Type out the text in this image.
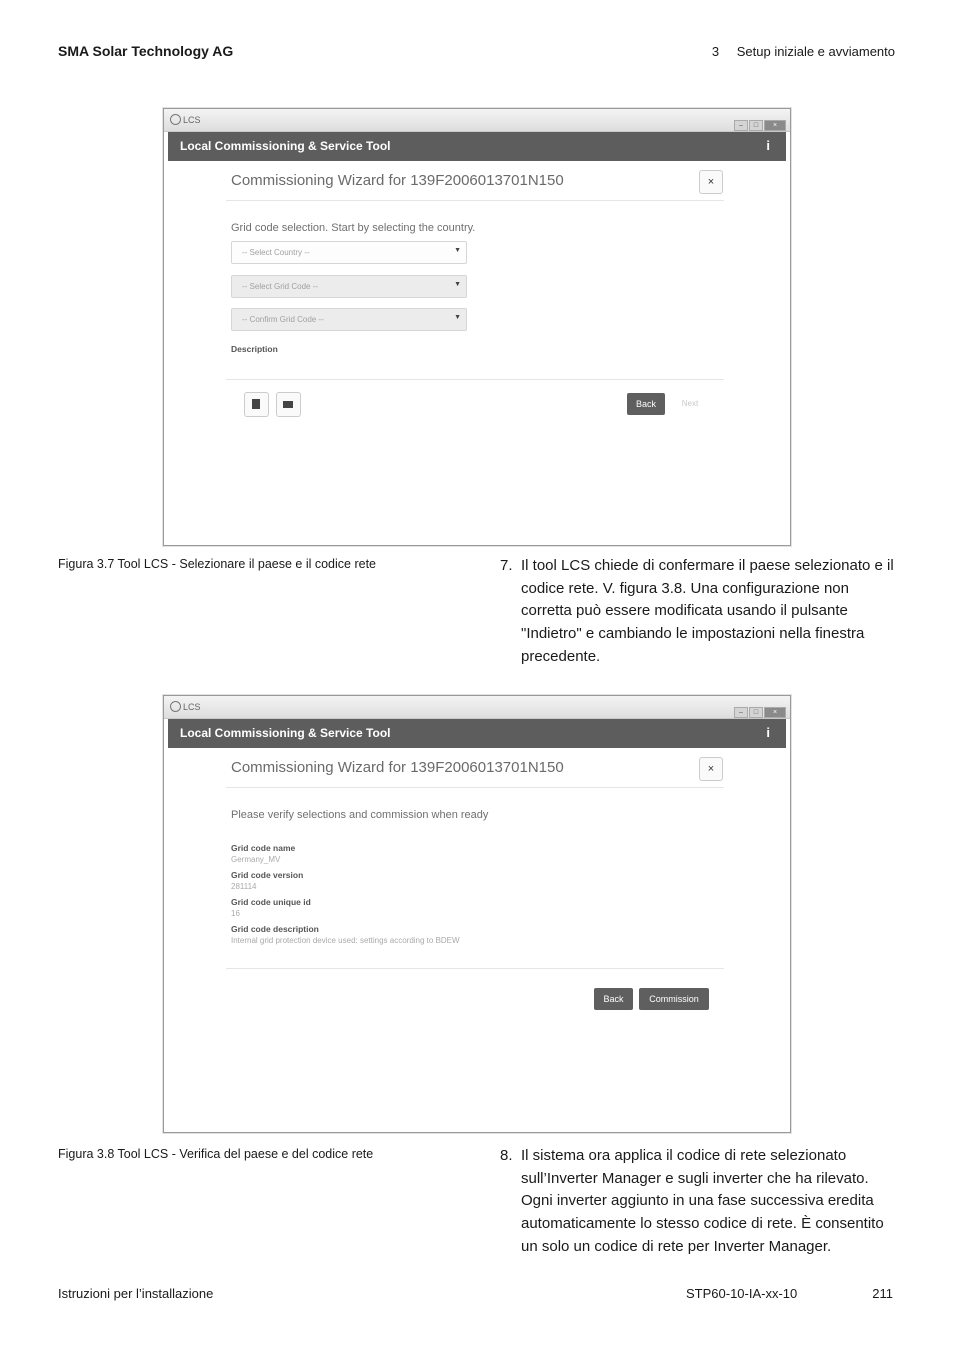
SMA Solar Technology AG	3 Setup iniziale e avviamento
LCS
– □ ×
Local Commissioning & Service Tool	i
Commissioning Wizard for 139F2006013701N150	×
Grid code selection. Start by selecting the country.
-- Select Country --	▼
-- Select Grid Code --	▼
-- Confirm Grid Code --	▼
Description
Back	Next
Figura 3.7 Tool LCS - Selezionare il paese e il codice rete	7. Il tool LCS chiede di confermare il paese selezionato e il codice rete. V. figura 3.8. Una configurazione non corretta può essere modificata usando il pulsante "Indietro" e cambiando le impostazioni nella finestra precedente.
LCS
– □ ×
Local Commissioning & Service Tool	i
Commissioning Wizard for 139F2006013701N150	×
Please verify selections and commission when ready
Grid code name
Germany_MV
Grid code version
281114
Grid code unique id
16
Grid code description
Internal grid protection device used: settings according to BDEW
Back	Commission
Figura 3.8 Tool LCS - Verifica del paese e del codice rete	8. Il sistema ora applica il codice di rete selezionato sull’Inverter Manager e sugli inverter che ha rilevato. Ogni inverter aggiunto in una fase successiva eredita automaticamente lo stesso codice di rete. È consentito un solo un codice di rete per Inverter Manager.
Istruzioni per l’installazione	STP60-10-IA-xx-10	211
